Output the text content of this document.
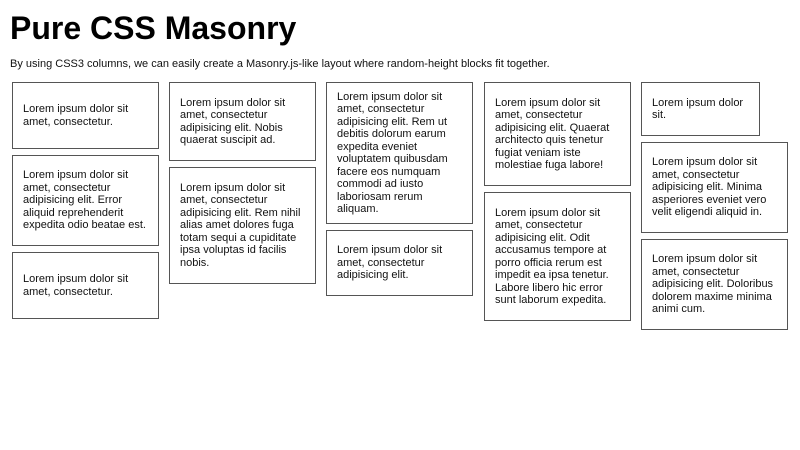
Pure CSS Masonry

By using CSS3 columns, we can easily create a Masonry.js-like layout where random-height blocks fit together.

Lorem ipsum dolor sit amet, consectetur.
Lorem ipsum dolor sit amet, consectetur adipisicing elit. Error aliquid reprehenderit expedita odio beatae est.
Lorem ipsum dolor sit amet, consectetur.
Lorem ipsum dolor sit amet, consectetur adipisicing elit. Nobis quaerat suscipit ad.
Lorem ipsum dolor sit amet, consectetur adipisicing elit. Rem nihil alias amet dolores fuga totam sequi a cupiditate ipsa voluptas id facilis nobis.
Lorem ipsum dolor sit amet, consectetur adipisicing elit. Rem ut debitis dolorum earum expedita eveniet voluptatem quibusdam facere eos numquam commodi ad iusto laboriosam rerum aliquam.
Lorem ipsum dolor sit amet, consectetur adipisicing elit.
Lorem ipsum dolor sit amet, consectetur adipisicing elit. Quaerat architecto quis tenetur fugiat veniam iste molestiae fuga labore!
Lorem ipsum dolor sit amet, consectetur adipisicing elit. Odit accusamus tempore at porro officia rerum est impedit ea ipsa tenetur. Labore libero hic error sunt laborum expedita.
Lorem ipsum dolor sit.
Lorem ipsum dolor sit amet, consectetur adipisicing elit. Minima asperiores eveniet vero velit eligendi aliquid in.
Lorem ipsum dolor sit amet, consectetur adipisicing elit. Doloribus dolorem maxime minima animi cum.
